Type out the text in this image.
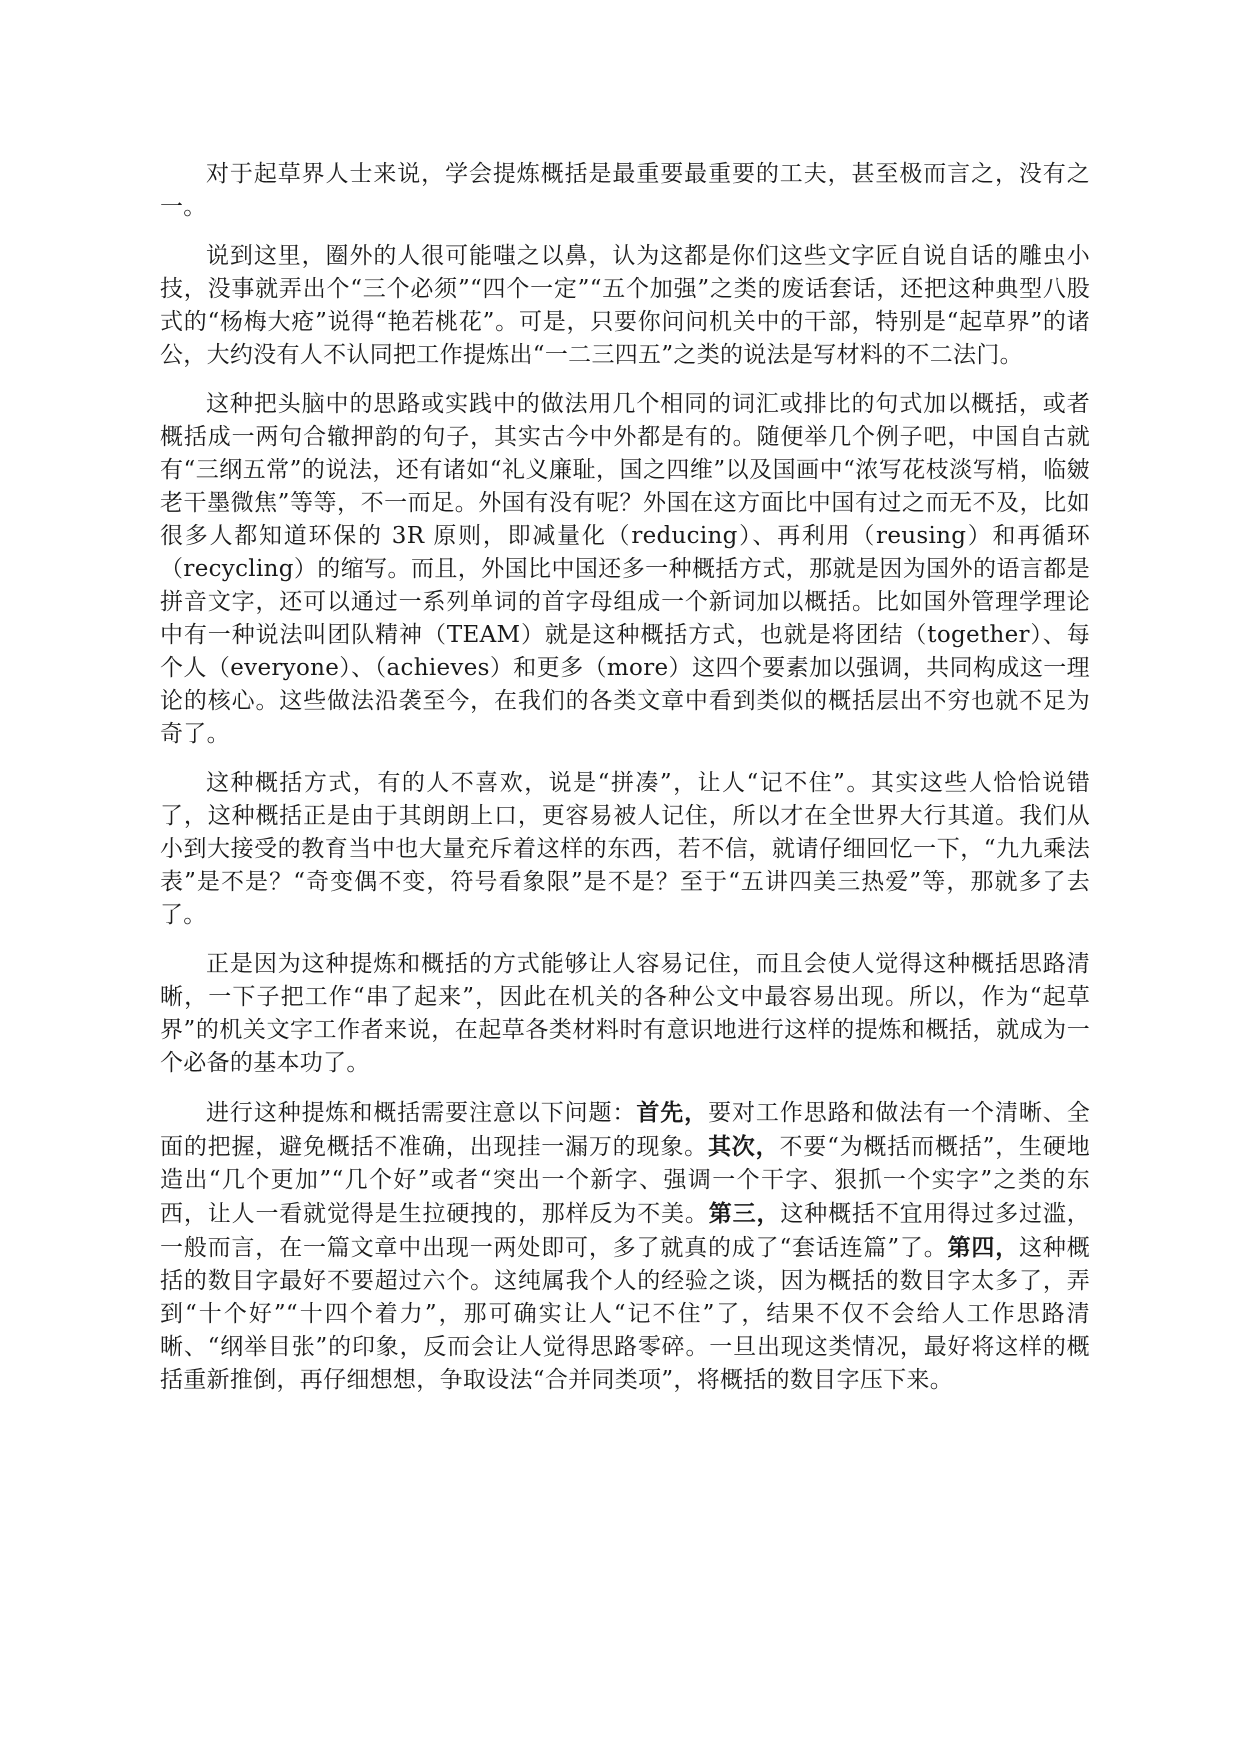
对于起草界人士来说，学会提炼概括是最重要最重要的工夫，甚至极而言之，没有之一。

说到这里，圈外的人很可能嗤之以鼻，认为这都是你们这些文字匠自说自话的雕虫小技，没事就弄出个“三个必须”“四个一定”“五个加强”之类的废话套话，还把这种典型八股式的“杨梅大疮”说得“艳若桃花”。可是，只要你问问机关中的干部，特别是“起草界”的诸公，大约没有人不认同把工作提炼出“一二三四五”之类的说法是写材料的不二法门。

这种把头脑中的思路或实践中的做法用几个相同的词汇或排比的句式加以概括，或者概括成一两句合辙押韵的句子，其实古今中外都是有的。随便举几个例子吧，中国自古就有“三纲五常”的说法，还有诸如“礼义廉耻，国之四维”以及国画中“浓写花枝淡写梢，临皴老干墨微焦”等等，不一而足。外国有没有呢？外国在这方面比中国有过之而无不及，比如很多人都知道环保的 3R 原则，即减量化（reducing）、再利用（reusing）和再循环（recycling）的缩写。而且，外国比中国还多一种概括方式，那就是因为国外的语言都是拼音文字，还可以通过一系列单词的首字母组成一个新词加以概括。比如国外管理学理论中有一种说法叫团队精神（TEAM）就是这种概括方式，也就是将团结（together）、每个人（everyone）、（achieves）和更多（more）这四个要素加以强调，共同构成这一理论的核心。这些做法沿袭至今，在我们的各类文章中看到类似的概括层出不穷也就不足为奇了。

这种概括方式，有的人不喜欢，说是“拼凑”，让人“记不住”。其实这些人恰恰说错了，这种概括正是由于其朗朗上口，更容易被人记住，所以才在全世界大行其道。我们从小到大接受的教育当中也大量充斥着这样的东西，若不信，就请仔细回忆一下，“九九乘法表”是不是？“奇变偶不变，符号看象限”是不是？至于“五讲四美三热爱”等，那就多了去了。

正是因为这种提炼和概括的方式能够让人容易记住，而且会使人觉得这种概括思路清晰，一下子把工作“串了起来”，因此在机关的各种公文中最容易出现。所以，作为“起草界”的机关文字工作者来说，在起草各类材料时有意识地进行这样的提炼和概括，就成为一个必备的基本功了。

进行这种提炼和概括需要注意以下问题：首先，要对工作思路和做法有一个清晰、全面的把握，避免概括不准确，出现挂一漏万的现象。其次，不要“为概括而概括”，生硬地造出“几个更加”“几个好”或者“突出一个新字、强调一个干字、狠抓一个实字”之类的东西，让人一看就觉得是生拉硬拽的，那样反为不美。第三，这种概括不宜用得过多过滥，一般而言，在一篇文章中出现一两处即可，多了就真的成了“套话连篇”了。第四，这种概括的数目字最好不要超过六个。这纯属我个人的经验之谈，因为概括的数目字太多了，弄到“十个好”“十四个着力”，那可确实让人“记不住”了，结果不仅不会给人工作思路清晰、“纲举目张”的印象，反而会让人觉得思路零碎。一旦出现这类情况，最好将这样的概括重新推倒，再仔细想想，争取设法“合并同类项”，将概括的数目字压下来。
